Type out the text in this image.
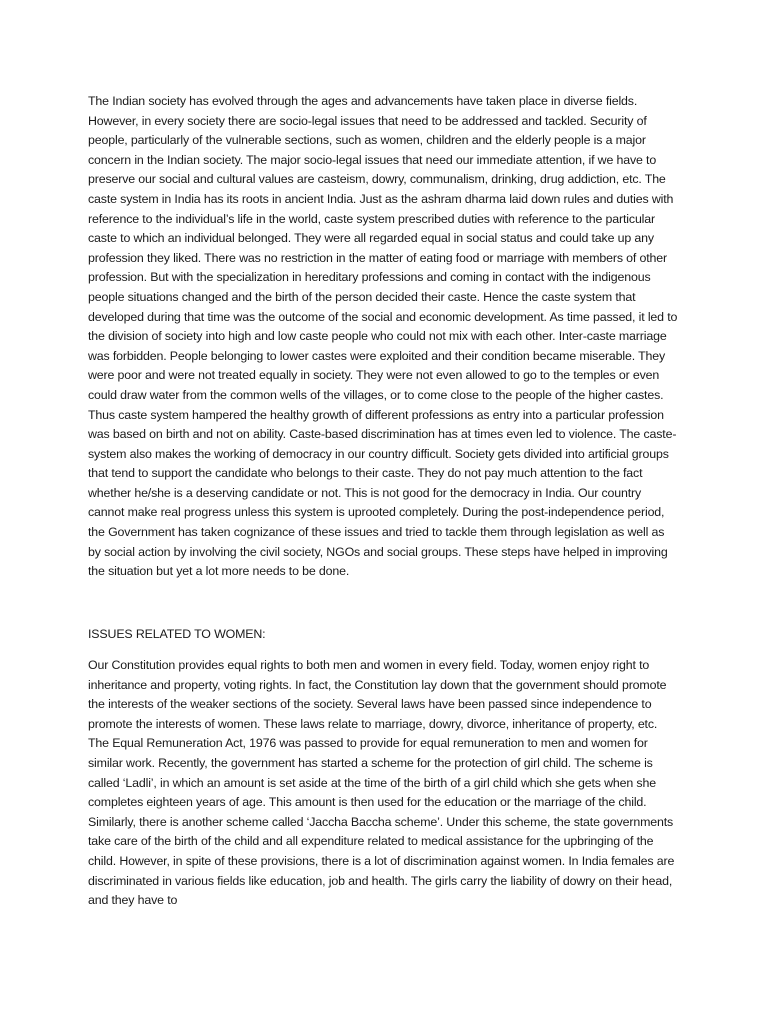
The Indian society has evolved through the ages and advancements have taken place in diverse fields. However, in every society there are socio-legal issues that need to be addressed and tackled. Security of people, particularly of the vulnerable sections, such as women, children and the elderly people is a major concern in the Indian society. The major socio-legal issues that need our immediate attention, if we have to preserve our social and cultural values are casteism, dowry, communalism, drinking, drug addiction, etc. The caste system in India has its roots in ancient India. Just as the ashram dharma laid down rules and duties with reference to the individual’s life in the world, caste system prescribed duties with reference to the particular caste to which an individual belonged. They were all regarded equal in social status and could take up any profession they liked. There was no restriction in the matter of eating food or marriage with members of other profession. But with the specialization in hereditary professions and coming in contact with the indigenous people situations changed and the birth of the person decided their caste. Hence the caste system that developed during that time was the outcome of the social and economic development. As time passed, it led to the division of society into high and low caste people who could not mix with each other. Inter-caste marriage was forbidden. People belonging to lower castes were exploited and their condition became miserable. They were poor and were not treated equally in society. They were not even allowed to go to the temples or even could draw water from the common wells of the villages, or to come close to the people of the higher castes. Thus caste system hampered the healthy growth of different professions as entry into a particular profession was based on birth and not on ability. Caste-based discrimination has at times even led to violence. The caste-system also makes the working of democracy in our country difficult. Society gets divided into artificial groups that tend to support the candidate who belongs to their caste. They do not pay much attention to the fact whether he/she is a deserving candidate or not. This is not good for the democracy in India. Our country cannot make real progress unless this system is uprooted completely. During the post-independence period, the Government has taken cognizance of these issues and tried to tackle them through legislation as well as by social action by involving the civil society, NGOs and social groups. These steps have helped in improving the situation but yet a lot more needs to be done.

ISSUES RELATED TO WOMEN:

Our Constitution provides equal rights to both men and women in every field. Today, women enjoy right to inheritance and property, voting rights. In fact, the Constitution lay down that the government should promote the interests of the weaker sections of the society. Several laws have been passed since independence to promote the interests of women. These laws relate to marriage, dowry, divorce, inheritance of property, etc. The Equal Remuneration Act, 1976 was passed to provide for equal remuneration to men and women for similar work. Recently, the government has started a scheme for the protection of girl child. The scheme is called ‘Ladli’, in which an amount is set aside at the time of the birth of a girl child which she gets when she completes eighteen years of age. This amount is then used for the education or the marriage of the child. Similarly, there is another scheme called ‘Jaccha Baccha scheme’. Under this scheme, the state governments take care of the birth of the child and all expenditure related to medical assistance for the upbringing of the child. However, in spite of these provisions, there is a lot of discrimination against women. In India females are discriminated in various fields like education, job and health. The girls carry the liability of dowry on their head, and they have to
